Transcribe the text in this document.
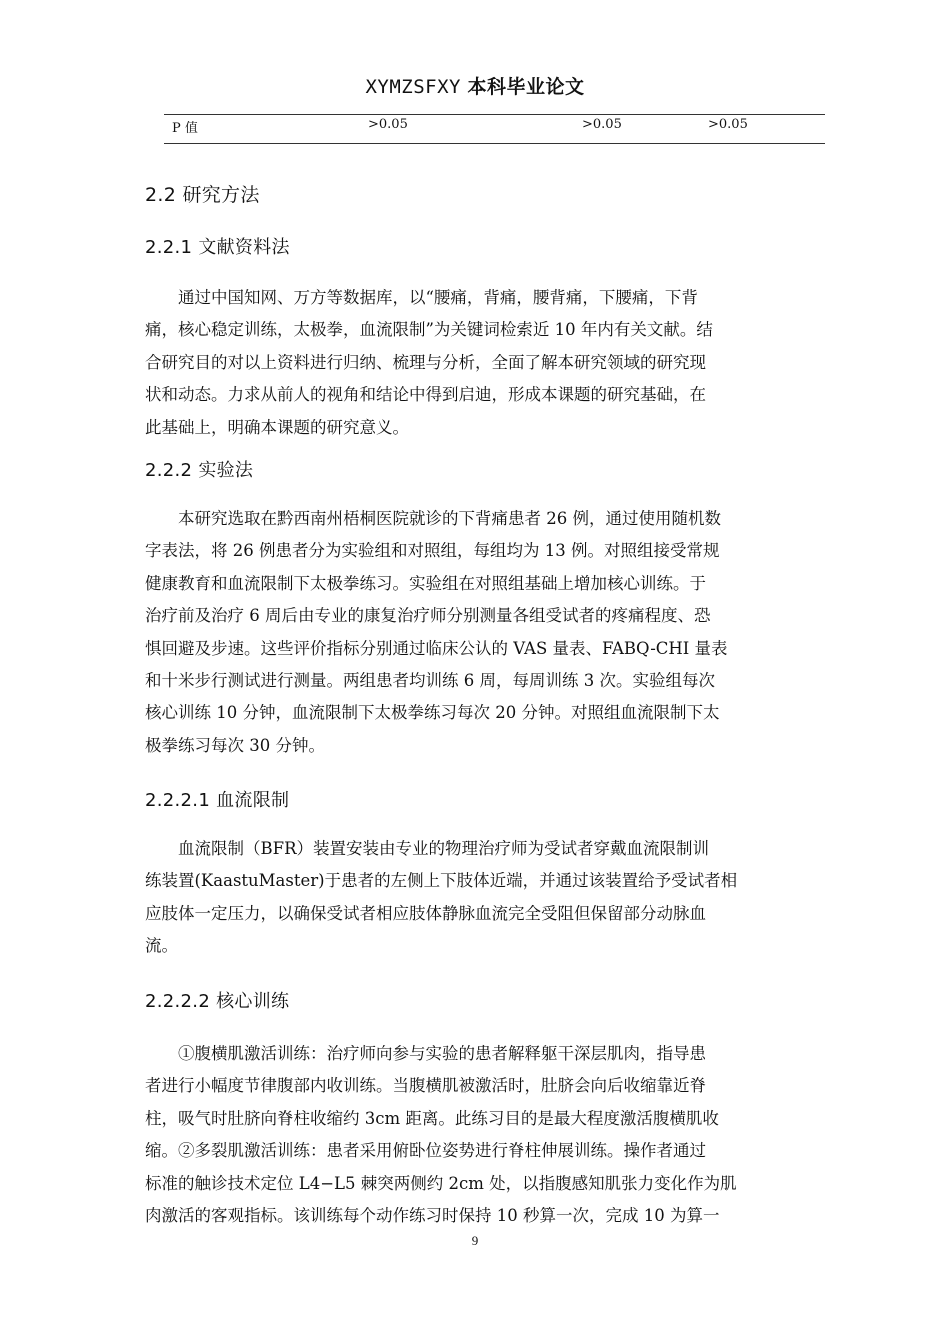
XYMZSFXY 本科毕业论文
P 值	>0.05	>0.05	>0.05
2.2 研究方法
2.2.1 文献资料法
　　通过中国知网、万方等数据库，以“腰痛，背痛，腰背痛，下腰痛，下背
痛，核心稳定训练，太极拳，血流限制”为关键词检索近 10 年内有关文献。结
合研究目的对以上资料进行归纳、梳理与分析，全面了解本研究领域的研究现
状和动态。力求从前人的视角和结论中得到启迪，形成本课题的研究基础，在
此基础上，明确本课题的研究意义。
2.2.2 实验法
　　本研究选取在黔西南州梧桐医院就诊的下背痛患者 26 例，通过使用随机数
字表法，将 26 例患者分为实验组和对照组，每组均为 13 例。对照组接受常规
健康教育和血流限制下太极拳练习。实验组在对照组基础上增加核心训练。于
治疗前及治疗 6 周后由专业的康复治疗师分别测量各组受试者的疼痛程度、恐
惧回避及步速。这些评价指标分别通过临床公认的 VAS 量表、FABQ-CHI 量表
和十米步行测试进行测量。两组患者均训练 6 周，每周训练 3 次。实验组每次
核心训练 10 分钟，血流限制下太极拳练习每次 20 分钟。对照组血流限制下太
极拳练习每次 30 分钟。
2.2.2.1 血流限制
　　血流限制（BFR）装置安装由专业的物理治疗师为受试者穿戴血流限制训
练装置(KaastuMaster)于患者的左侧上下肢体近端，并通过该装置给予受试者相
应肢体一定压力，以确保受试者相应肢体静脉血流完全受阻但保留部分动脉血
流。
2.2.2.2 核心训练
　　①腹横肌激活训练：治疗师向参与实验的患者解释躯干深层肌肉，指导患
者进行小幅度节律腹部内收训练。当腹横肌被激活时，肚脐会向后收缩靠近脊
柱，吸气时肚脐向脊柱收缩约 3cm 距离。此练习目的是最大程度激活腹横肌收
缩。②多裂肌激活训练：患者采用俯卧位姿势进行脊柱伸展训练。操作者通过
标准的触诊技术定位 L4−L5 棘突两侧约 2cm 处，以指腹感知肌张力变化作为肌
肉激活的客观指标。该训练每个动作练习时保持 10 秒算一次，完成 10 为算一
9
